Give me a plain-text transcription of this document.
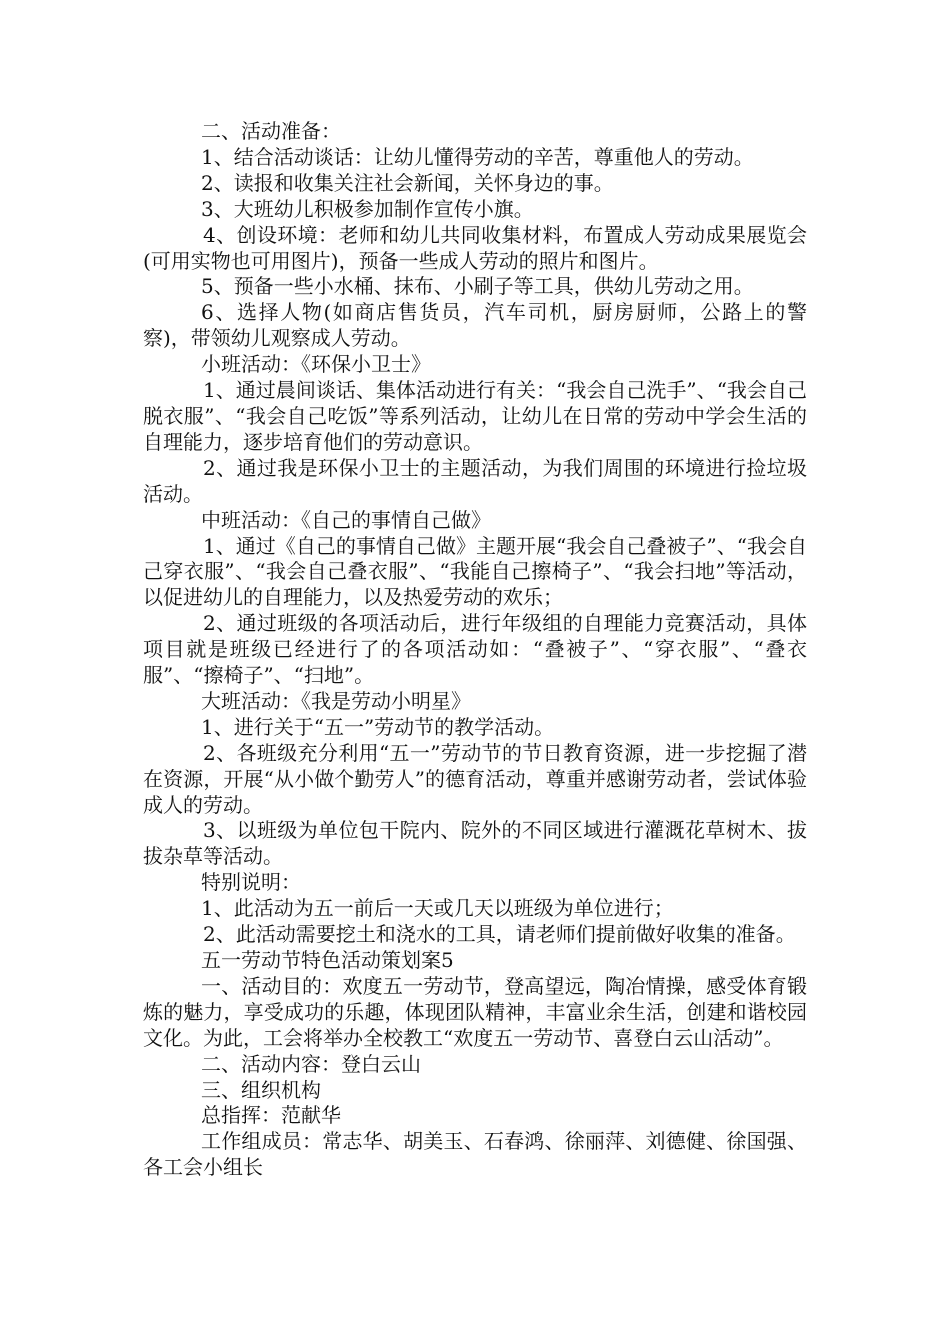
二、活动准备：

1、结合活动谈话：让幼儿懂得劳动的辛苦，尊重他人的劳动。

2、读报和收集关注社会新闻，关怀身边的事。

3、大班幼儿积极参加制作宣传小旗。

4、创设环境：老师和幼儿共同收集材料，布置成人劳动成果展览会(可用实物也可用图片)，预备一些成人劳动的照片和图片。

5、预备一些小水桶、抹布、小刷子等工具，供幼儿劳动之用。

6、选择人物(如商店售货员，汽车司机，厨房厨师，公路上的警察)，带领幼儿观察成人劳动。

小班活动：《环保小卫士》

1、通过晨间谈话、集体活动进行有关：“我会自己洗手”、“我会自己脱衣服”、“我会自己吃饭”等系列活动，让幼儿在日常的劳动中学会生活的自理能力，逐步培育他们的劳动意识。

2、通过我是环保小卫士的主题活动，为我们周围的环境进行捡垃圾活动。

中班活动：《自己的事情自己做》

1、通过《自己的事情自己做》主题开展“我会自己叠被子”、“我会自己穿衣服”、“我会自己叠衣服”、“我能自己擦椅子”、“我会扫地”等活动，以促进幼儿的自理能力，以及热爱劳动的欢乐；

2、通过班级的各项活动后，进行年级组的自理能力竞赛活动，具体项目就是班级已经进行了的各项活动如：“叠被子”、“穿衣服”、“叠衣服”、“擦椅子”、“扫地”。

大班活动：《我是劳动小明星》

1、进行关于“五一”劳动节的教学活动。

2、各班级充分利用“五一”劳动节的节日教育资源，进一步挖掘了潜在资源，开展“从小做个勤劳人”的德育活动，尊重并感谢劳动者，尝试体验成人的劳动。

3、以班级为单位包干院内、院外的不同区域进行灌溉花草树木、拔拔杂草等活动。

特别说明：

1、此活动为五一前后一天或几天以班级为单位进行；

2、此活动需要挖土和浇水的工具，请老师们提前做好收集的准备。

五一劳动节特色活动策划案5

一、活动目的：欢度五一劳动节，登高望远，陶冶情操，感受体育锻炼的魅力，享受成功的乐趣，体现团队精神，丰富业余生活，创建和谐校园文化。为此，工会将举办全校教工“欢度五一劳动节、喜登白云山活动”。

二、活动内容：登白云山

三、组织机构

总指挥：范献华

工作组成员：常志华、胡美玉、石春鸿、徐丽萍、刘德健、徐国强、各工会小组长
